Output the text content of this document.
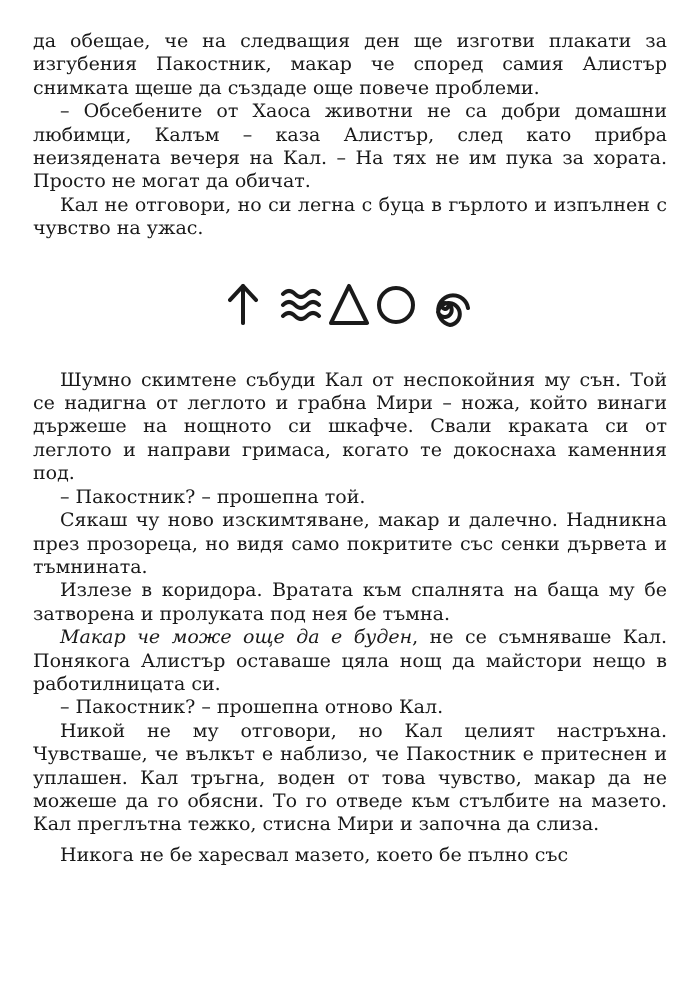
да обещае, че на следващия ден ще изготви плакати за изгубения Пакостник, макар че според самия Алистър снимката щеше да създаде още повече проблеми.

– Обсебените от Хаоса животни не са добри домашни любимци, Калъм – каза Алистър, след като прибра неизядената вечеря на Кал. – На тях не им пука за хората. Просто не могат да обичат.

Кал не отговори, но си легна с буца в гърлото и изпълнен с чувство на ужас.

Шумно скимтене събуди Кал от неспокойния му сън. Той се надигна от леглото и грабна Мири – ножа, който винаги държеше на нощното си шкафче. Свали краката си от леглото и направи гримаса, когато те докоснаха каменния под.

– Пакостник? – прошепна той.

Сякаш чу ново изскимтяване, макар и далечно. Надникна през прозореца, но видя само покритите със сенки дървета и тъмнината.

Излезе в коридора. Вратата към спалнята на баща му бе затворена и пролуката под нея бе тъмна.

Макар че може още да е буден, не се съмняваше Кал. Понякога Алистър оставаше цяла нощ да майстори нещо в работилницата си.

– Пакостник? – прошепна отново Кал.

Никой не му отговори, но Кал целият настръхна. Чувстваше, че вълкът е наблизо, че Пакостник е притеснен и уплашен. Кал тръгна, воден от това чувство, макар да не можеше да го обясни. То го отведе към стълбите на мазето. Кал преглътна тежко, стисна Мири и започна да слиза.

Никога не бе харесвал мазето, което бе пълно със
